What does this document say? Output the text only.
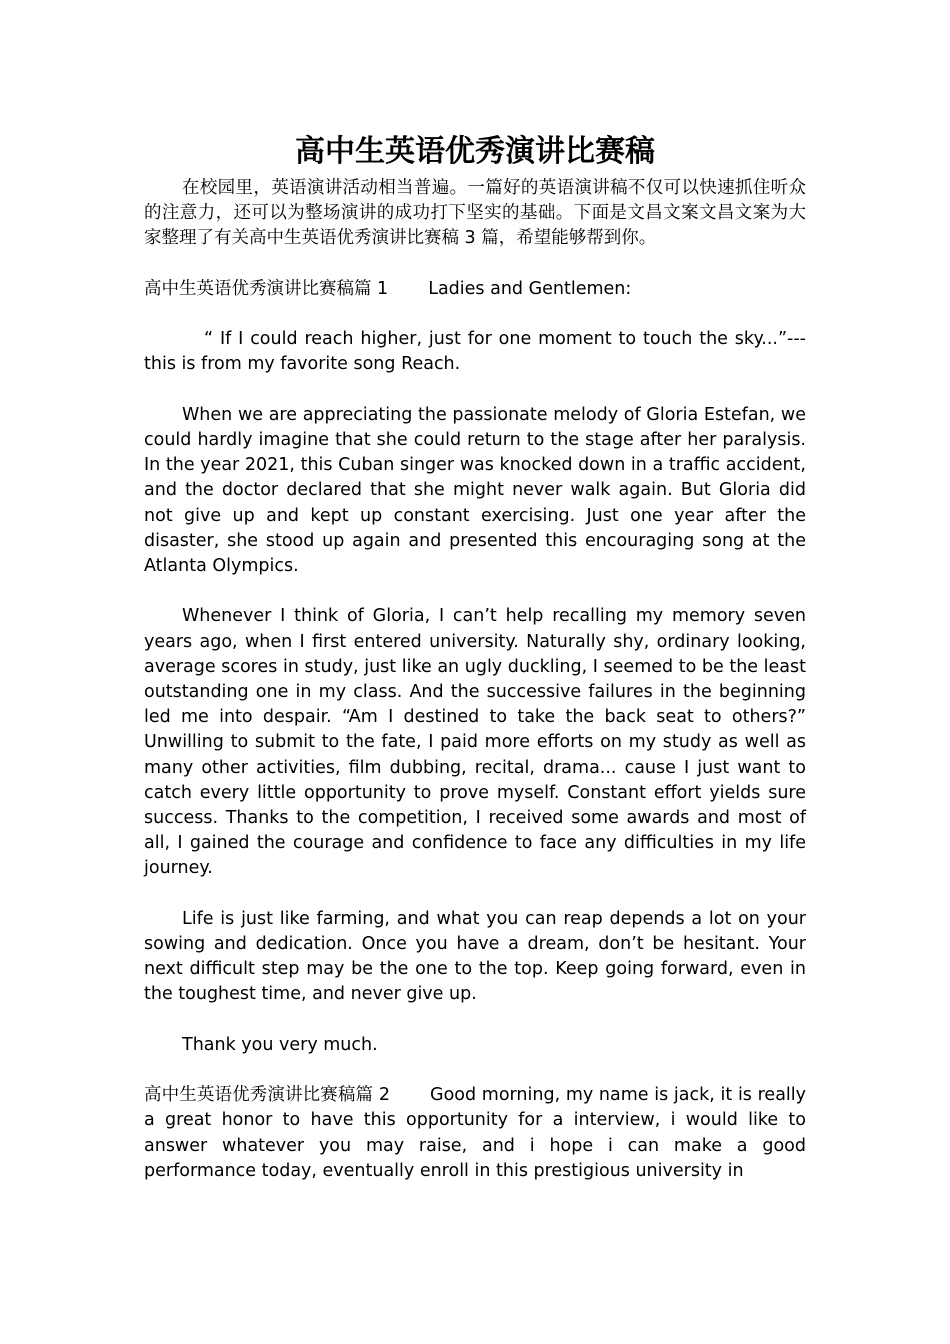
高中生英语优秀演讲比赛稿

在校园里，英语演讲活动相当普遍。一篇好的英语演讲稿不仅可以快速抓住听众的注意力，还可以为整场演讲的成功打下坚实的基础。下面是文昌文案文昌文案为大家整理了有关高中生英语优秀演讲比赛稿 3 篇，希望能够帮到你。

高中生英语优秀演讲比赛稿篇 1 Ladies and Gentlemen:

“ If I could reach higher, just for one moment to touch the sky...”---this is from my favorite song Reach.

When we are appreciating the passionate melody of Gloria Estefan, we could hardly imagine that she could return to the stage after her paralysis. In the year 2021, this Cuban singer was knocked down in a traffic accident, and the doctor declared that she might never walk again. But Gloria did not give up and kept up constant exercising. Just one year after the disaster, she stood up again and presented this encouraging song at the Atlanta Olympics.

Whenever I think of Gloria, I can’t help recalling my memory seven years ago, when I first entered university. Naturally shy, ordinary looking, average scores in study, just like an ugly duckling, I seemed to be the least outstanding one in my class. And the successive failures in the beginning led me into despair. “Am I destined to take the back seat to others?” Unwilling to submit to the fate, I paid more efforts on my study as well as many other activities, film dubbing, recital, drama... cause I just want to catch every little opportunity to prove myself. Constant effort yields sure success. Thanks to the competition, I received some awards and most of all, I gained the courage and confidence to face any difficulties in my life journey.

Life is just like farming, and what you can reap depends a lot on your sowing and dedication. Once you have a dream, don’t be hesitant. Your next difficult step may be the one to the top. Keep going forward, even in the toughest time, and never give up.

Thank you very much.

高中生英语优秀演讲比赛稿篇 2 Good morning, my name is jack, it is really a great honor to have this opportunity for a interview, i would like to answer whatever you may raise, and i hope i can make a good performance today, eventually enroll in this prestigious university in
